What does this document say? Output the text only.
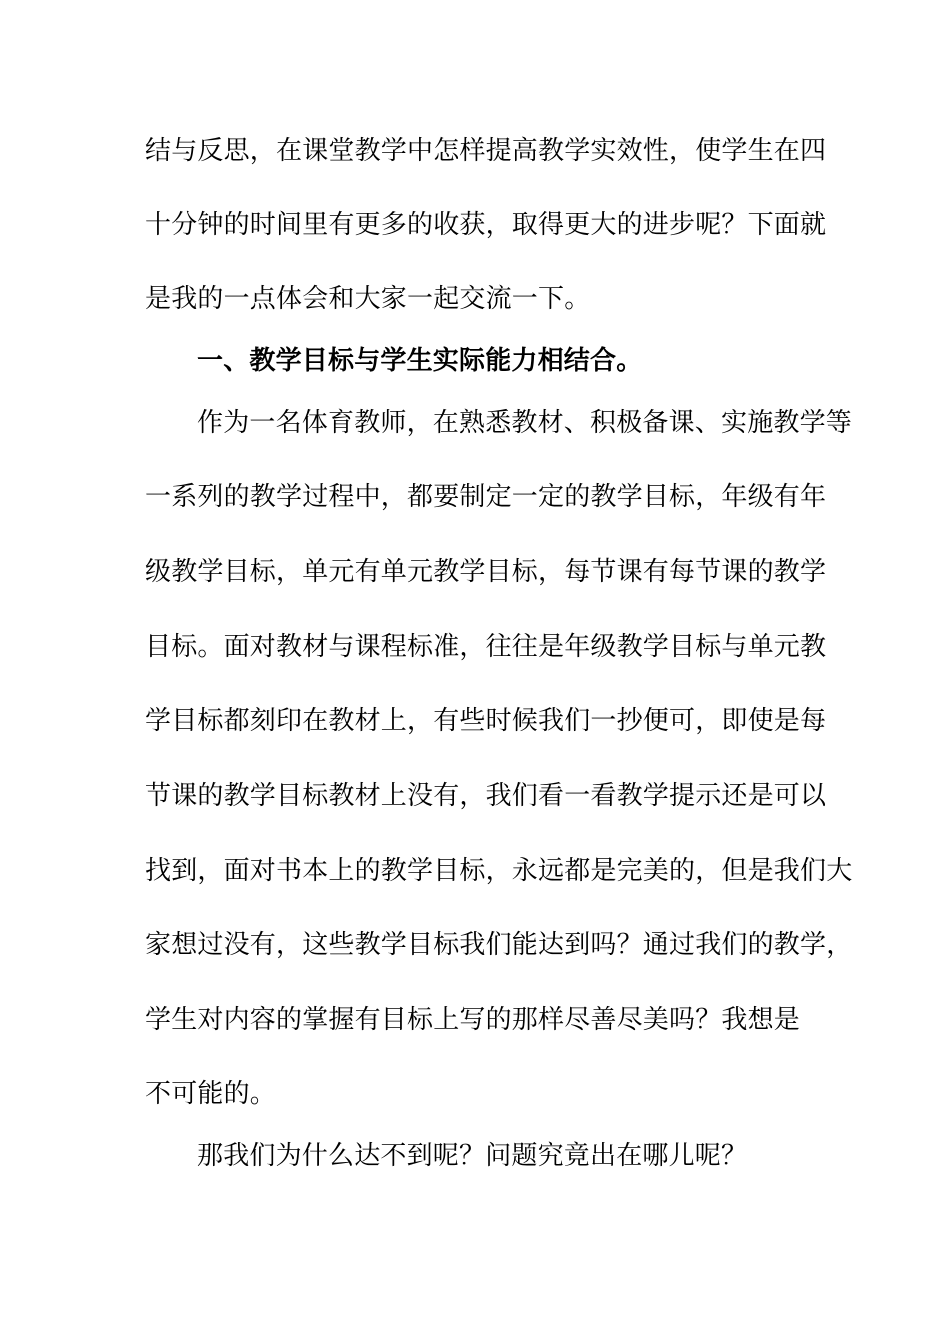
结与反思，在课堂教学中怎样提高教学实效性，使学生在四
十分钟的时间里有更多的收获，取得更大的进步呢？下面就
是我的一点体会和大家一起交流一下。
一、教学目标与学生实际能力相结合。
作为一名体育教师，在熟悉教材、积极备课、实施教学等
一系列的教学过程中，都要制定一定的教学目标，年级有年
级教学目标，单元有单元教学目标，每节课有每节课的教学
目标。面对教材与课程标准，往往是年级教学目标与单元教
学目标都刻印在教材上，有些时候我们一抄便可，即使是每
节课的教学目标教材上没有，我们看一看教学提示还是可以
找到，面对书本上的教学目标，永远都是完美的，但是我们大
家想过没有，这些教学目标我们能达到吗？通过我们的教学，
学生对内容的掌握有目标上写的那样尽善尽美吗？我想是
不可能的。
那我们为什么达不到呢？问题究竟出在哪儿呢？
